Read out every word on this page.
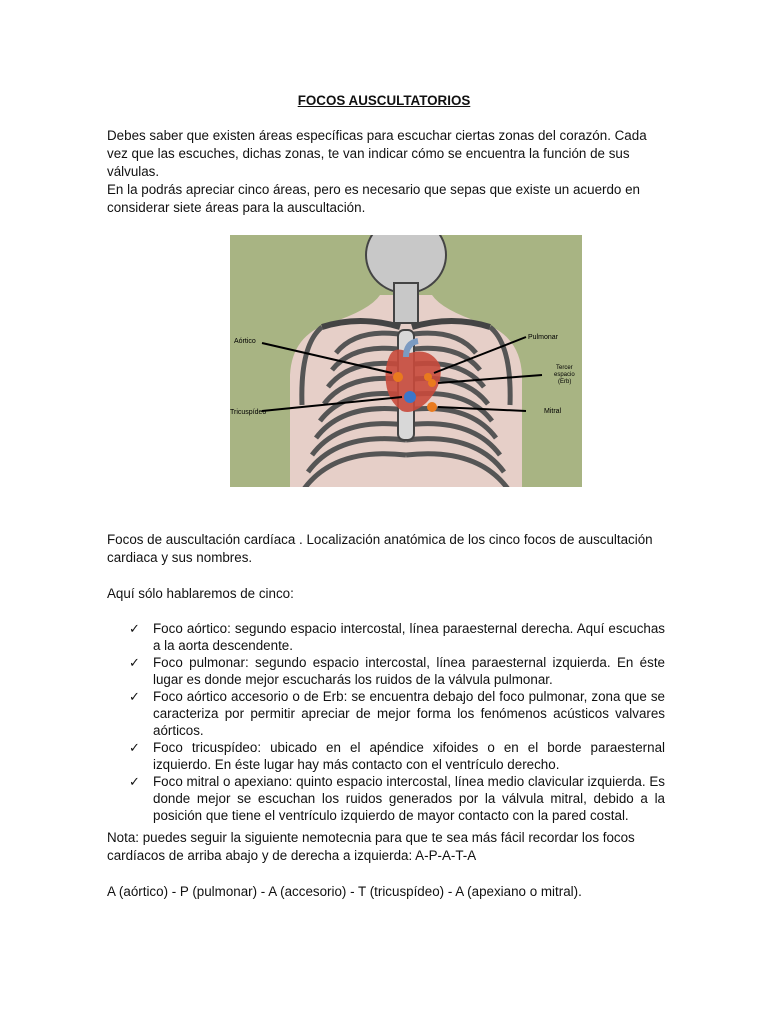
FOCOS AUSCULTATORIOS

Debes saber que existen áreas específicas para escuchar ciertas zonas del corazón. Cada vez que las escuches, dichas zonas, te van indicar cómo se encuentra la función de sus válvulas.

En la podrás apreciar cinco áreas, pero es necesario que sepas que existe un acuerdo en considerar siete áreas para la auscultación.

Aórtico
Pulmonar
Tercer
espacio
(Erb)
Tricuspídeo	Mitral

Focos de auscultación cardíaca . Localización anatómica de los cinco focos de auscultación cardiaca y sus nombres.

Aquí sólo hablaremos de cinco:

✓ Foco aórtico: segundo espacio intercostal, línea paraesternal derecha. Aquí escuchas a la aorta descendente.
✓ Foco pulmonar: segundo espacio intercostal, línea paraesternal izquierda. En éste lugar es donde mejor escucharás los ruidos de la válvula pulmonar.
✓ Foco aórtico accesorio o de Erb: se encuentra debajo del foco pulmonar, zona que se caracteriza por permitir apreciar de mejor forma los fenómenos acústicos valvares aórticos.
✓ Foco tricuspídeo: ubicado en el apéndice xifoides o en el borde paraesternal izquierdo. En éste lugar hay más contacto con el ventrículo derecho.
✓ Foco mitral o apexiano: quinto espacio intercostal, línea medio clavicular izquierda. Es donde mejor se escuchan los ruidos generados por la válvula mitral, debido a la posición que tiene el ventrículo izquierdo de mayor contacto con la pared costal.

Nota: puedes seguir la siguiente nemotecnia para que te sea más fácil recordar los focos cardíacos de arriba abajo y de derecha a izquierda: A-P-A-T-A

A (aórtico) - P (pulmonar) - A (accesorio) - T (tricuspídeo) - A (apexiano o mitral).
